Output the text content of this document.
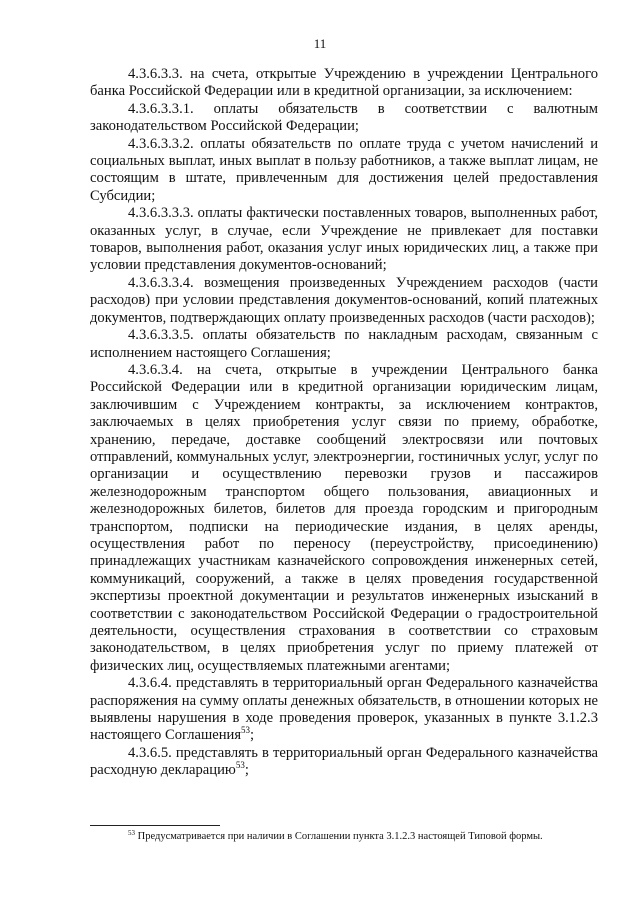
11

4.3.6.3.3. на счета, открытые Учреждению в учреждении Центрального банка Российской Федерации или в кредитной организации, за исключением:

4.3.6.3.3.1. оплаты обязательств в соответствии с валютным законодательством Российской Федерации;

4.3.6.3.3.2. оплаты обязательств по оплате труда с учетом начислений и социальных выплат, иных выплат в пользу работников, а также выплат лицам, не состоящим в штате, привлеченным для достижения целей предоставления Субсидии;

4.3.6.3.3.3. оплаты фактически поставленных товаров, выполненных работ, оказанных услуг, в случае, если Учреждение не привлекает для поставки товаров, выполнения работ, оказания услуг иных юридических лиц, а также при условии представления документов-оснований;

4.3.6.3.3.4. возмещения произведенных Учреждением расходов (части расходов) при условии представления документов-оснований, копий платежных документов, подтверждающих оплату произведенных расходов (части расходов);

4.3.6.3.3.5. оплаты обязательств по накладным расходам, связанным с исполнением настоящего Соглашения;

4.3.6.3.4. на счета, открытые в учреждении Центрального банка Российской Федерации или в кредитной организации юридическим лицам, заключившим с Учреждением контракты, за исключением контрактов, заключаемых в целях приобретения услуг связи по приему, обработке, хранению, передаче, доставке сообщений электросвязи или почтовых отправлений, коммунальных услуг, электроэнергии, гостиничных услуг, услуг по организации и осуществлению перевозки грузов и пассажиров железнодорожным транспортом общего пользования, авиационных и железнодорожных билетов, билетов для проезда городским и пригородным транспортом, подписки на периодические издания, в целях аренды, осуществления работ по переносу (переустройству, присоединению) принадлежащих участникам казначейского сопровождения инженерных сетей, коммуникаций, сооружений, а также в целях проведения государственной экспертизы проектной документации и результатов инженерных изысканий в соответствии с законодательством Российской Федерации о градостроительной деятельности, осуществления страхования в соответствии со страховым законодательством, в целях приобретения услуг по приему платежей от физических лиц, осуществляемых платежными агентами;

4.3.6.4. представлять в территориальный орган Федерального казначейства распоряжения на сумму оплаты денежных обязательств, в отношении которых не выявлены нарушения в ходе проведения проверок, указанных в пункте 3.1.2.3 настоящего Соглашения$^{53}$;

4.3.6.5. представлять в территориальный орган Федерального казначейства расходную декларацию$^{53}$;

$^{53}$ Предусматривается при наличии в Соглашении пункта 3.1.2.3 настоящей Типовой формы.
